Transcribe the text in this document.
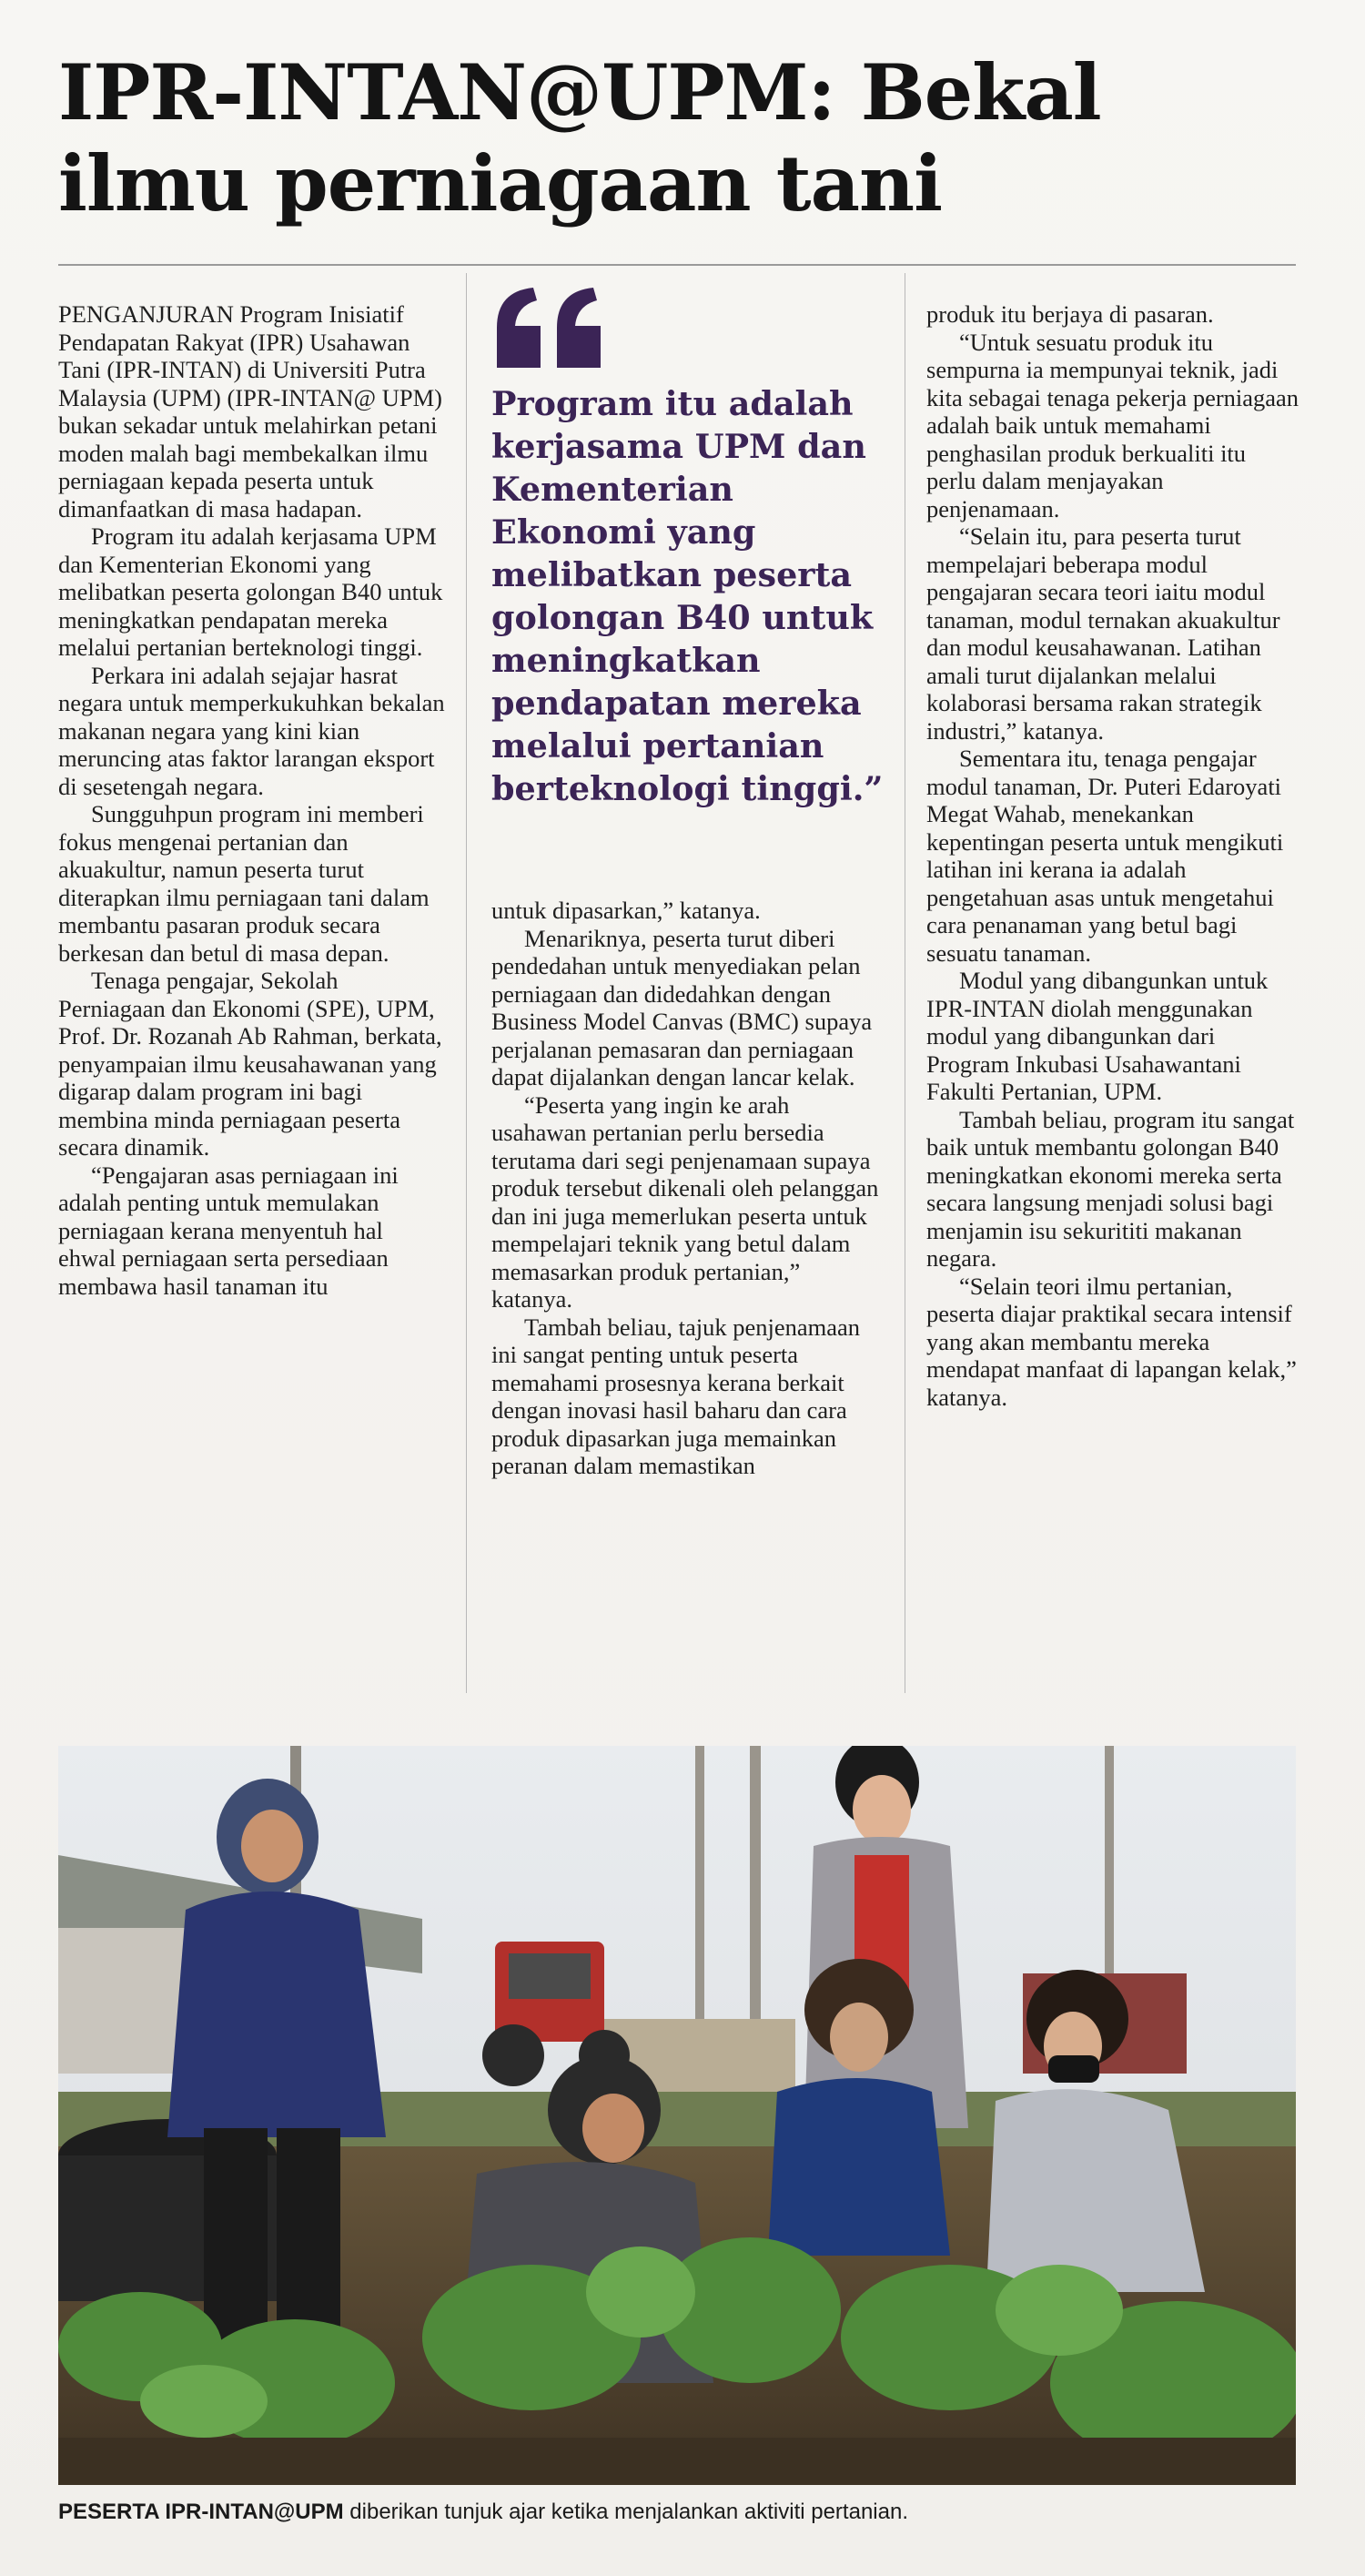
IPR-INTAN@UPM: Bekal ilmu perniagaan tani

PENGANJURAN Program Inisiatif Pendapatan Rakyat (IPR) Usahawan Tani (IPR-INTAN) di Universiti Putra Malaysia (UPM) (IPR-INTAN@ UPM) bukan sekadar untuk melahirkan petani moden malah bagi membekalkan ilmu perniagaan kepada peserta untuk dimanfaatkan di masa hadapan.

Program itu adalah kerjasama UPM dan Kementerian Ekonomi yang melibatkan peserta golongan B40 untuk meningkatkan pendapatan mereka melalui pertanian berteknologi tinggi.

Perkara ini adalah sejajar hasrat negara untuk memperkukuhkan bekalan makanan negara yang kini kian meruncing atas faktor larangan eksport di sesetengah negara.

Sungguhpun program ini memberi fokus mengenai pertanian dan akuakultur, namun peserta turut diterapkan ilmu perniagaan tani dalam membantu pasaran produk secara berkesan dan betul di masa depan.

Tenaga pengajar, Sekolah Perniagaan dan Ekonomi (SPE), UPM, Prof. Dr. Rozanah Ab Rahman, berkata, penyampaian ilmu keusahawanan yang digarap dalam program ini bagi membina minda perniagaan peserta secara dinamik.

“Pengajaran asas perniagaan ini adalah penting untuk memulakan perniagaan kerana menyentuh hal ehwal perniagaan serta persediaan membawa hasil tanaman itu

Program itu adalah kerjasama UPM dan Kementerian Ekonomi yang melibatkan peserta golongan B40 untuk meningkatkan pendapatan mereka melalui pertanian berteknologi tinggi.”

untuk dipasarkan,” katanya.

Menariknya, peserta turut diberi pendedahan untuk menyediakan pelan perniagaan dan didedahkan dengan Business Model Canvas (BMC) supaya perjalanan pemasaran dan perniagaan dapat dijalankan dengan lancar kelak.

“Peserta yang ingin ke arah usahawan pertanian perlu bersedia terutama dari segi penjenamaan supaya produk tersebut dikenali oleh pelanggan dan ini juga memerlukan peserta untuk mempelajari teknik yang betul dalam memasarkan produk pertanian,” katanya.

Tambah beliau, tajuk penjenamaan ini sangat penting untuk peserta memahami prosesnya kerana berkait dengan inovasi hasil baharu dan cara produk dipasarkan juga memainkan peranan dalam memastikan

produk itu berjaya di pasaran.

“Untuk sesuatu produk itu sempurna ia mempunyai teknik, jadi kita sebagai tenaga pekerja perniagaan adalah baik untuk memahami penghasilan produk berkualiti itu perlu dalam menjayakan penjenamaan.

“Selain itu, para peserta turut mempelajari beberapa modul pengajaran secara teori iaitu modul tanaman, modul ternakan akuakultur dan modul keusahawanan. Latihan amali turut dijalankan melalui kolaborasi bersama rakan strategik industri,” katanya.

Sementara itu, tenaga pengajar modul tanaman, Dr. Puteri Edaroyati Megat Wahab, menekankan kepentingan peserta untuk mengikuti latihan ini kerana ia adalah pengetahuan asas untuk mengetahui cara penanaman yang betul bagi sesuatu tanaman.

Modul yang dibangunkan untuk IPR-INTAN diolah menggunakan modul yang dibangunkan dari Program Inkubasi Usahawantani Fakulti Pertanian, UPM.

Tambah beliau, program itu sangat baik untuk membantu golongan B40 meningkatkan ekonomi mereka serta secara langsung menjadi solusi bagi menjamin isu sekurititi makanan negara.

“Selain teori ilmu pertanian, peserta diajar praktikal secara intensif yang akan membantu mereka mendapat manfaat di lapangan kelak,” katanya.

PESERTA IPR-INTAN@UPM diberikan tunjuk ajar ketika menjalankan aktiviti pertanian.
